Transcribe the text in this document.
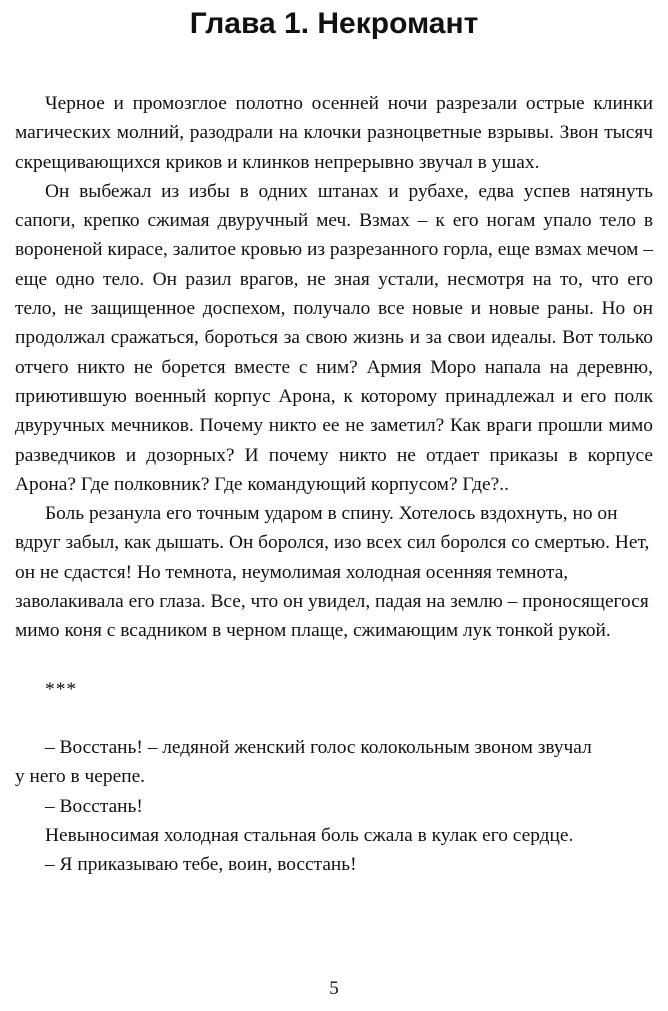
Глава 1. Некромант

Черное и промозглое полотно осенней ночи разрезали острые клинки магических молний, разодрали на клочки разноцветные взрывы. Звон тысяч скрещивающихся криков и клинков непрерывно звучал в ушах.

Он выбежал из избы в одних штанах и рубахе, едва успев натянуть сапоги, крепко сжимая двуручный меч. Взмах – к его ногам упало тело в вороненой кирасе, залитое кровью из разрезанного горла, еще взмах мечом – еще одно тело. Он разил врагов, не зная устали, несмотря на то, что его тело, не защищенное доспехом, получало все новые и новые раны. Но он продолжал сражаться, бороться за свою жизнь и за свои идеалы. Вот только отчего никто не борется вместе с ним? Армия Моро напала на деревню, приютившую военный корпус Арона, к которому принадлежал и его полк двуручных мечников. Почему никто ее не заметил? Как враги прошли мимо разведчиков и дозорных? И почему никто не отдает приказы в корпусе Арона? Где полковник? Где командующий корпусом? Где?..

Боль резанула его точным ударом в спину. Хотелось вздохнуть, но он вдруг забыл, как дышать. Он боролся, изо всех сил боролся со смертью. Нет, он не сдастся! Но темнота, неумолимая холодная осенняя темнота, заволакивала его глаза. Все, что он увидел, падая на землю – проносящегося мимо коня с всадником в черном плаще, сжимающим лук тонкой рукой.

***

– Восстань! – ледяной женский голос колокольным звоном звучал

у него в черепе.

– Восстань!

Невыносимая холодная стальная боль сжала в кулак его сердце.

– Я приказываю тебе, воин, восстань!

5
